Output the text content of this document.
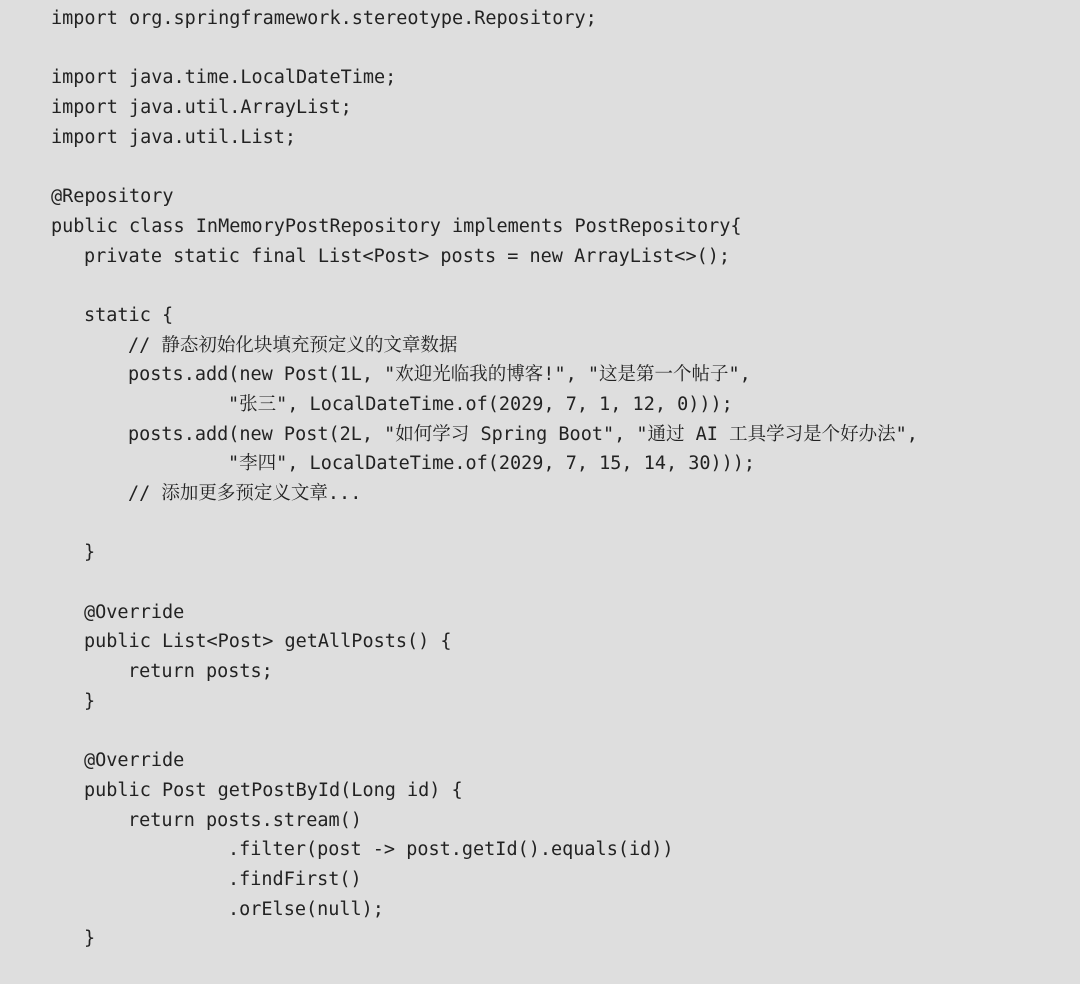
import org.springframework.stereotype.Repository;
import java.time.LocalDateTime;
import java.util.ArrayList;
import java.util.List;
@Repository
public class InMemoryPostRepository implements PostRepository{
private static final List<Post> posts = new ArrayList<>();
static {
// 静态初始化块填充预定义的文章数据
posts.add(new Post(1L, "欢迎光临我的博客!", "这是第一个帖子",
"张三", LocalDateTime.of(2029, 7, 1, 12, 0)));
posts.add(new Post(2L, "如何学习 Spring Boot", "通过 AI 工具学习是个好办法",
"李四", LocalDateTime.of(2029, 7, 15, 14, 30)));
// 添加更多预定义文章...
}
@Override
public List<Post> getAllPosts() {
return posts;
}
@Override
public Post getPostById(Long id) {
return posts.stream()
.filter(post -> post.getId().equals(id))
.findFirst()
.orElse(null);
}
